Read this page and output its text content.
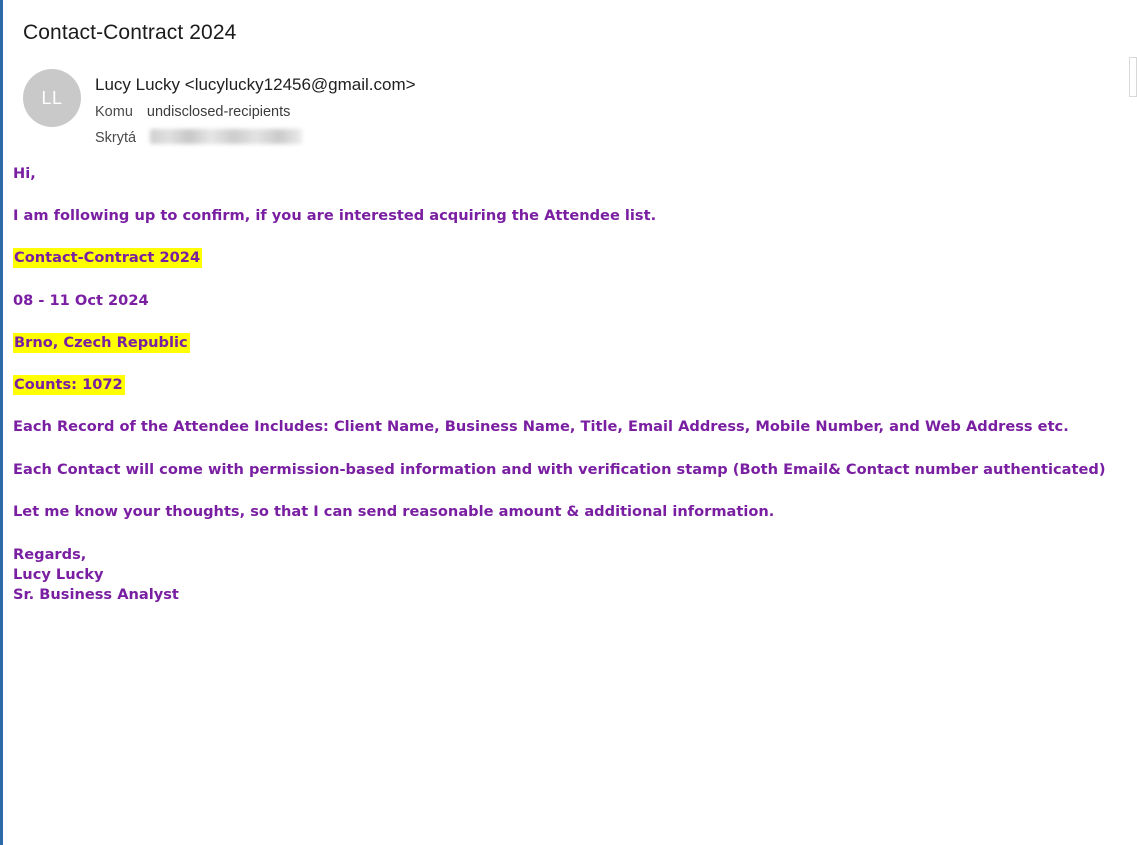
Contact-Contract 2024
LL
Lucy Lucky <lucylucky12456@gmail.com>
Komu undisclosed-recipients
Skrytá

Hi,

I am following up to confirm, if you are interested acquiring the Attendee list.

Contact-Contract 2024

08 - 11 Oct 2024

Brno, Czech Republic

Counts: 1072

Each Record of the Attendee Includes: Client Name, Business Name, Title, Email Address, Mobile Number, and Web Address etc.

Each Contact will come with permission-based information and with verification stamp (Both Email& Contact number authenticated)

Let me know your thoughts, so that I can send reasonable amount & additional information.

Regards,

Lucy Lucky

Sr. Business Analyst
